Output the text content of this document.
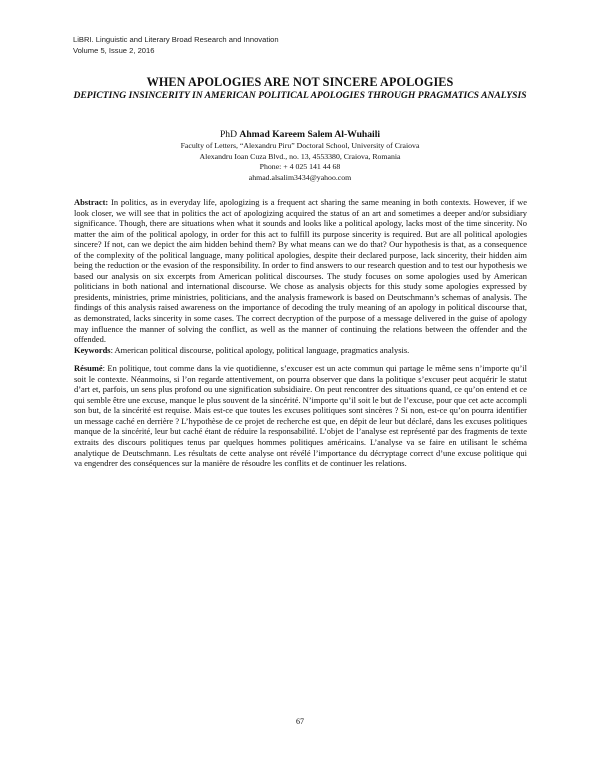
LiBRI. Linguistic and Literary Broad Research and Innovation
Volume 5, Issue 2, 2016
WHEN APOLOGIES ARE NOT SINCERE APOLOGIES
DEPICTING INSINCERITY IN AMERICAN POLITICAL APOLOGIES THROUGH PRAGMATICS ANALYSIS
PhD Ahmad Kareem Salem Al-Wuhaili
Faculty of Letters, “Alexandru Piru” Doctoral School, University of Craiova
Alexandru Ioan Cuza Blvd., no. 13, 4553380, Craiova, Romania
Phone: + 4 025 141 44 68
ahmad.alsalim3434@yahoo.com

Abstract: In politics, as in everyday life, apologizing is a frequent act sharing the same meaning in both contexts. However, if we look closer, we will see that in politics the act of apologizing acquired the status of an art and sometimes a deeper and/or subsidiary significance. Though, there are situations when what it sounds and looks like a political apology, lacks most of the time sincerity. No matter the aim of the political apology, in order for this act to fulfill its purpose sincerity is required. But are all political apologies sincere? If not, can we depict the aim hidden behind them? By what means can we do that? Our hypothesis is that, as a consequence of the complexity of the political language, many political apologies, despite their declared purpose, lack sincerity, their hidden aim being the reduction or the evasion of the responsibility. In order to find answers to our research question and to test our hypothesis we based our analysis on six excerpts from American political discourses. The study focuses on some apologies used by American politicians in both national and international discourse. We chose as analysis objects for this study some apologies expressed by presidents, ministries, prime ministries, politicians, and the analysis framework is based on Deutschmann’s schemas of analysis. The findings of this analysis raised awareness on the importance of decoding the truly meaning of an apology in political discourse that, as demonstrated, lacks sincerity in some cases. The correct decryption of the purpose of a message delivered in the guise of apology may influence the manner of solving the conflict, as well as the manner of continuing the relations between the offender and the offended.

Keywords: American political discourse, political apology, political language, pragmatics analysis.

Résumé: En politique, tout comme dans la vie quotidienne, s’excuser est un acte commun qui partage le même sens n’importe qu’il soit le contexte. Néanmoins, si l’on regarde attentivement, on pourra observer que dans la politique s’excuser peut acquérir le statut d’art et, parfois, un sens plus profond ou une signification subsidiaire. On peut rencontrer des situations quand, ce qu’on entend et ce qui semble être une excuse, manque le plus souvent de la sincérité. N’importe qu’il soit le but de l’excuse, pour que cet acte accompli son but, de la sincérité est requise. Mais est-ce que toutes les excuses politiques sont sincères ? Si non, est-ce qu’on pourra identifier un message caché en derrière ? L’hypothèse de ce projet de recherche est que, en dépit de leur but déclaré, dans les excuses politiques manque de la sincérité, leur but caché étant de réduire la responsabilité. L’objet de l’analyse est représenté par des fragments de texte extraits des discours politiques tenus par quelques hommes politiques américains. L’analyse va se faire en utilisant le schéma analytique de Deutschmann. Les résultats de cette analyse ont révélé l’importance du décryptage correct d’une excuse politique qui va engendrer des conséquences sur la manière de résoudre les conflits et de continuer les relations.

67
